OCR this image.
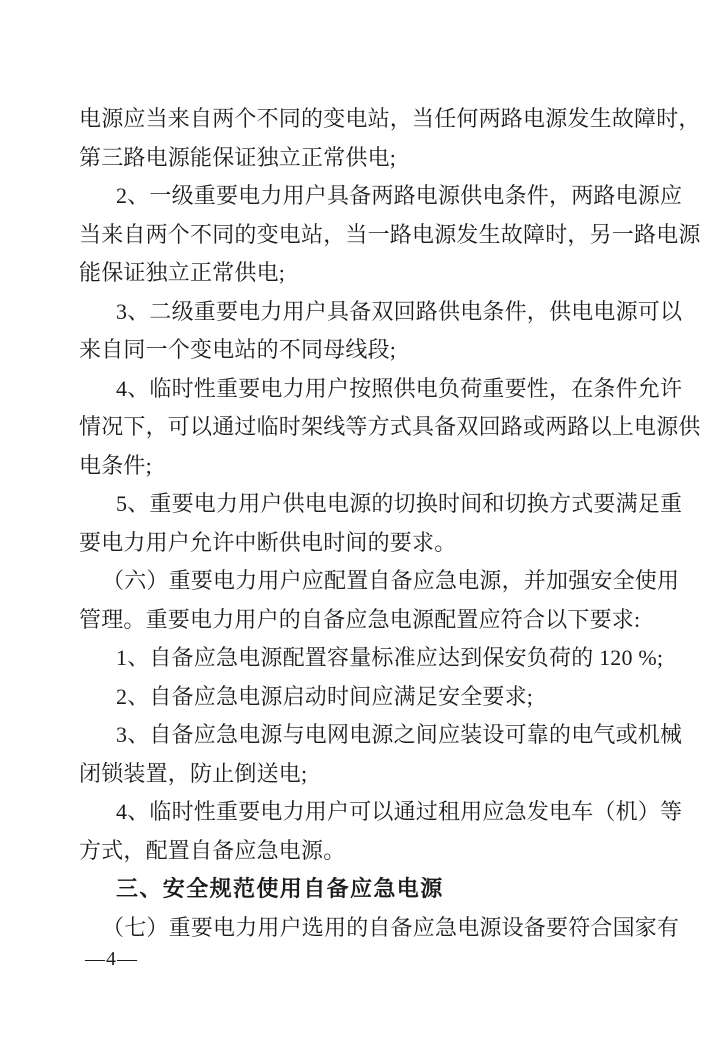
电源应当来自两个不同的变电站，当任何两路电源发生故障时，
第三路电源能保证独立正常供电;
2、一级重要电力用户具备两路电源供电条件，两路电源应
当来自两个不同的变电站，当一路电源发生故障时，另一路电源
能保证独立正常供电;
3、二级重要电力用户具备双回路供电条件，供电电源可以
来自同一个变电站的不同母线段;
4、临时性重要电力用户按照供电负荷重要性，在条件允许
情况下，可以通过临时架线等方式具备双回路或两路以上电源供
电条件;
5、重要电力用户供电电源的切换时间和切换方式要满足重
要电力用户允许中断供电时间的要求。
（六）重要电力用户应配置自备应急电源，并加强安全使用
管理。重要电力用户的自备应急电源配置应符合以下要求:
1、自备应急电源配置容量标准应达到保安负荷的 120 %;
2、自备应急电源启动时间应满足安全要求;
3、自备应急电源与电网电源之间应装设可靠的电气或机械
闭锁装置，防止倒送电;
4、临时性重要电力用户可以通过租用应急发电车（机）等
方式，配置自备应急电源。
三、安全规范使用自备应急电源
（七）重要电力用户选用的自备应急电源设备要符合国家有
—4—
